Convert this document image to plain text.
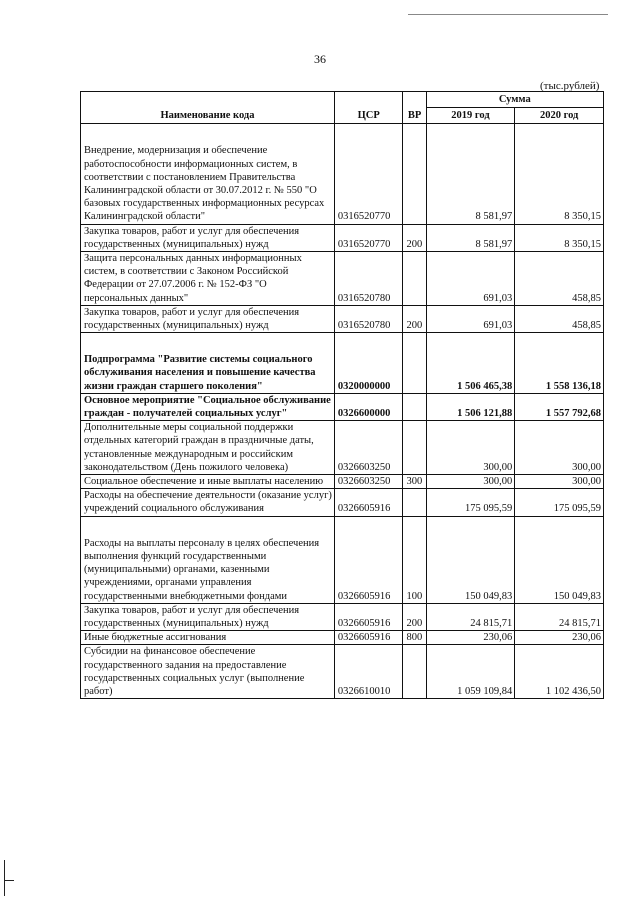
36
(тыс.рублей)
Наименование кода	ЦСР	ВР	Сумма	
			2019 год	2020 год
Внедрение, модернизация и обеспечение работоспособности информационных систем, в соответствии с постановлением Правительства Калининградской области от 30.07.2012 г. № 550 "О базовых государственных информационных ресурсах Калининградской области"	0316520770		8 581,97	8 350,15
Закупка товаров, работ и услуг для обеспечения государственных (муниципальных) нужд	0316520770	200	8 581,97	8 350,15
Защита персональных данных информационных систем, в соответствии с Законом Российской Федерации от 27.07.2006 г. № 152-ФЗ "О персональных данных"	0316520780		691,03	458,85
Закупка товаров, работ и услуг для обеспечения государственных (муниципальных) нужд	0316520780	200	691,03	458,85
Подпрограмма "Развитие системы социального обслуживания населения и повышение качества жизни граждан старшего поколения"	0320000000		1 506 465,38	1 558 136,18
Основное мероприятие "Социальное обслуживание граждан - получателей социальных услуг"	0326600000		1 506 121,88	1 557 792,68
Дополнительные меры социальной поддержки отдельных категорий граждан в праздничные даты, установленные международным и российским законодательством (День пожилого человека)	0326603250		300,00	300,00
Социальное обеспечение и иные выплаты населению	0326603250	300	300,00	300,00
Расходы на обеспечение деятельности (оказание услуг) учреждений социального обслуживания	0326605916		175 095,59	175 095,59
Расходы на выплаты персоналу в целях обеспечения выполнения функций государственными (муниципальными) органами, казенными учреждениями, органами управления государственными внебюджетными фондами	0326605916	100	150 049,83	150 049,83
Закупка товаров, работ и услуг для обеспечения государственных (муниципальных) нужд	0326605916	200	24 815,71	24 815,71
Иные бюджетные ассигнования	0326605916	800	230,06	230,06
Субсидии на финансовое обеспечение государственного задания на предоставление государственных социальных услуг (выполнение работ)	0326610010		1 059 109,84	1 102 436,50
